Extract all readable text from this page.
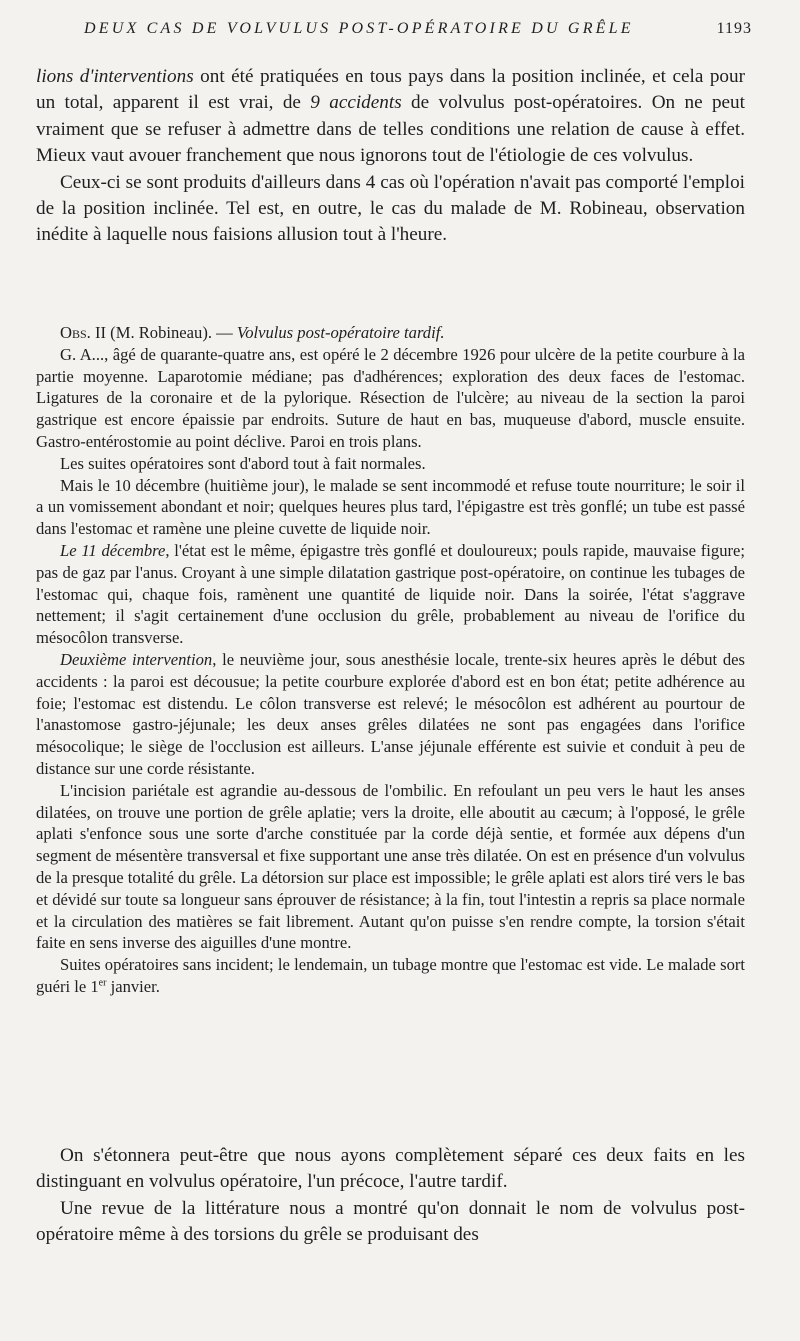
DEUX CAS DE VOLVULUS POST-OPÉRATOIRE DU GRÊLE	1193

lions d'interventions ont été pratiquées en tous pays dans la position inclinée, et cela pour un total, apparent il est vrai, de 9 accidents de volvulus post-opératoires. On ne peut vraiment que se refuser à admettre dans de telles conditions une relation de cause à effet. Mieux vaut avouer franchement que nous ignorons tout de l'étiologie de ces volvulus.

Ceux-ci se sont produits d'ailleurs dans 4 cas où l'opération n'avait pas comporté l'emploi de la position inclinée. Tel est, en outre, le cas du malade de M. Robineau, observation inédite à laquelle nous faisions allusion tout à l'heure.

Obs. II (M. Robineau). — Volvulus post-opératoire tardif.

G. A..., âgé de quarante-quatre ans, est opéré le 2 décembre 1926 pour ulcère de la petite courbure à la partie moyenne. Laparotomie médiane; pas d'adhérences; exploration des deux faces de l'estomac. Ligatures de la coronaire et de la pylorique. Résection de l'ulcère; au niveau de la section la paroi gastrique est encore épaissie par endroits. Suture de haut en bas, muqueuse d'abord, muscle ensuite. Gastro-entérostomie au point déclive. Paroi en trois plans.

Les suites opératoires sont d'abord tout à fait normales.

Mais le 10 décembre (huitième jour), le malade se sent incommodé et refuse toute nourriture; le soir il a un vomissement abondant et noir; quelques heures plus tard, l'épigastre est très gonflé; un tube est passé dans l'estomac et ramène une pleine cuvette de liquide noir.

Le 11 décembre, l'état est le même, épigastre très gonflé et douloureux; pouls rapide, mauvaise figure; pas de gaz par l'anus. Croyant à une simple dilatation gastrique post-opératoire, on continue les tubages de l'estomac qui, chaque fois, ramènent une quantité de liquide noir. Dans la soirée, l'état s'aggrave nettement; il s'agit certainement d'une occlusion du grêle, probablement au niveau de l'orifice du mésocôlon transverse.

Deuxième intervention, le neuvième jour, sous anesthésie locale, trente-six heures après le début des accidents : la paroi est décousue; la petite courbure explorée d'abord est en bon état; petite adhérence au foie; l'estomac est distendu. Le côlon transverse est relevé; le mésocôlon est adhérent au pourtour de l'anastomose gastro-jéjunale; les deux anses grêles dilatées ne sont pas engagées dans l'orifice mésocolique; le siège de l'occlusion est ailleurs. L'anse jéjunale efférente est suivie et conduit à peu de distance sur une corde résistante.

L'incision pariétale est agrandie au-dessous de l'ombilic. En refoulant un peu vers le haut les anses dilatées, on trouve une portion de grêle aplatie; vers la droite, elle aboutit au cæcum; à l'opposé, le grêle aplati s'enfonce sous une sorte d'arche constituée par la corde déjà sentie, et formée aux dépens d'un segment de mésentère transversal et fixe supportant une anse très dilatée. On est en présence d'un volvulus de la presque totalité du grêle. La détorsion sur place est impossible; le grêle aplati est alors tiré vers le bas et dévidé sur toute sa longueur sans éprouver de résistance; à la fin, tout l'intestin a repris sa place normale et la circulation des matières se fait librement. Autant qu'on puisse s'en rendre compte, la torsion s'était faite en sens inverse des aiguilles d'une montre.

Suites opératoires sans incident; le lendemain, un tubage montre que l'estomac est vide. Le malade sort guéri le 1er janvier.

On s'étonnera peut-être que nous ayons complètement séparé ces deux faits en les distinguant en volvulus opératoire, l'un précoce, l'autre tardif.

Une revue de la littérature nous a montré qu'on donnait le nom de volvulus post-opératoire même à des torsions du grêle se produisant des
